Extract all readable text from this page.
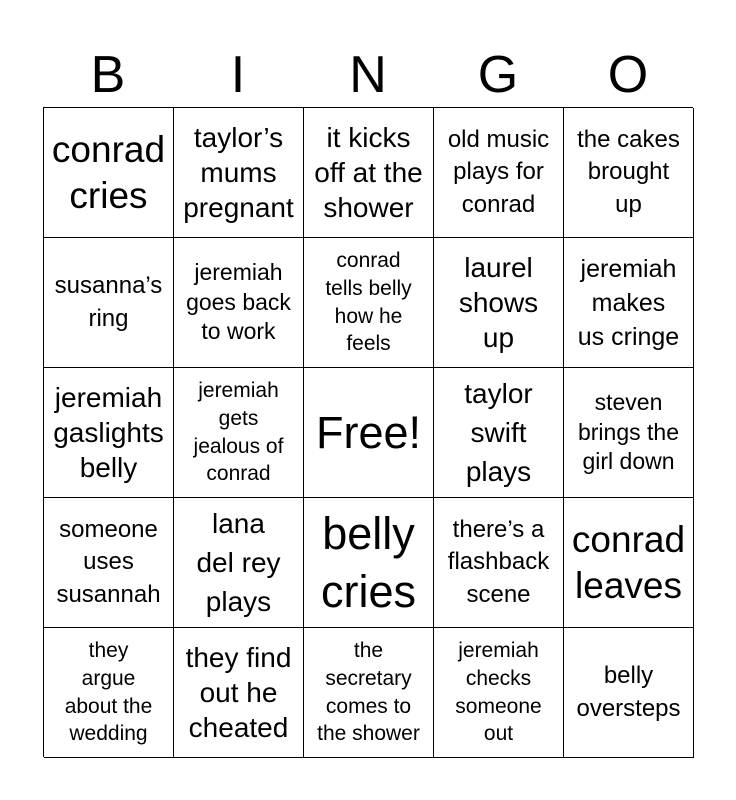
B	I	N	G	O
conrad
cries
taylor’s
mums
pregnant
it kicks
off at the
shower
old music
plays for
conrad
the cakes
brought
up
susanna’s
ring
jeremiah
goes back
to work
conrad
tells belly
how he
feels
laurel
shows
up
jeremiah
makes
us cringe
jeremiah
gaslights
belly
jeremiah
gets
jealous of
conrad
Free!
taylor
swift
plays
steven
brings the
girl down
someone
uses
susannah
lana
del rey
plays
belly
cries
there’s a
flashback
scene
conrad
leaves
they
argue
about the
wedding
they find
out he
cheated
the
secretary
comes to
the shower
jeremiah
checks
someone
out
belly
oversteps
